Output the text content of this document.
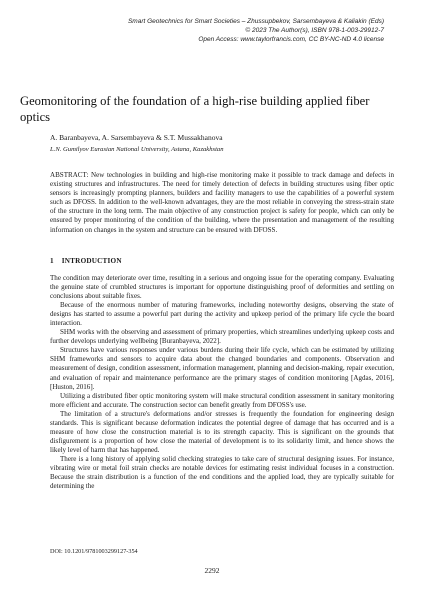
Smart Geotechnics for Smart Societies – Zhussupbekov, Sarsembayeva & Kaliakin (Eds)
© 2023 The Author(s), ISBN 978-1-003-29912-7
Open Access: www.taylorfrancis.com, CC BY-NC-ND 4.0 license
Geomonitoring of the foundation of a high-rise building applied fiber optics
A. Baranbayeva, A. Sarsembayeva & S.T. Mussakhanova
L.N. Gumilyov Eurasian National University, Astana, Kazakhstan

ABSTRACT: New technologies in building and high-rise monitoring make it possible to track damage and defects in existing structures and infrastructures. The need for timely detection of defects in building structures using fiber optic sensors is increasingly prompting planners, builders and facility managers to use the capabilities of a powerful system such as DFOSS. In addition to the well-known advantages, they are the most reliable in conveying the stress-strain state of the structure in the long term. The main objective of any construction project is safety for people, which can only be ensured by proper monitoring of the condition of the building, where the presentation and management of the resulting information on changes in the system and structure can be ensured with DFOSS.

1 INTRODUCTION

The condition may deteriorate over time, resulting in a serious and ongoing issue for the operating company. Evaluating the genuine state of crumbled structures is important for opportune distinguishing proof of deformities and settling on conclusions about suitable fixes.

Because of the enormous number of maturing frameworks, including noteworthy designs, observing the state of designs has started to assume a powerful part during the activity and upkeep period of the primary life cycle the board interaction.

SHM works with the observing and assessment of primary properties, which streamlines underlying upkeep costs and further develops underlying wellbeing [Buranbayeva, 2022].

Structures have various responses under various burdens during their life cycle, which can be estimated by utilizing SHM frameworks and sensors to acquire data about the changed boundaries and components. Observation and measurement of design, condition assessment, information management, planning and decision-making, repair execution, and evaluation of repair and maintenance performance are the primary stages of condition monitoring [Agdas, 2016], [Huston, 2016].

Utilizing a distributed fiber optic monitoring system will make structural condition assessment in sanitary monitoring more efficient and accurate. The construction sector can benefit greatly from DFOSS's use.

The limitation of a structure's deformations and/or stresses is frequently the foundation for engineering design standards. This is significant because deformation indicates the potential degree of damage that has occurred and is a measure of how close the construction material is to its strength capacity. This is significant on the grounds that disfigurement is a proportion of how close the material of development is to its solidarity limit, and hence shows the likely level of harm that has happened.

There is a long history of applying solid checking strategies to take care of structural designing issues. For instance, vibrating wire or metal foil strain checks are notable devices for estimating resist individual focuses in a construction. Because the strain distribution is a function of the end conditions and the applied load, they are typically suitable for determining the

DOI: 10.1201/9781003299127-354
2292
